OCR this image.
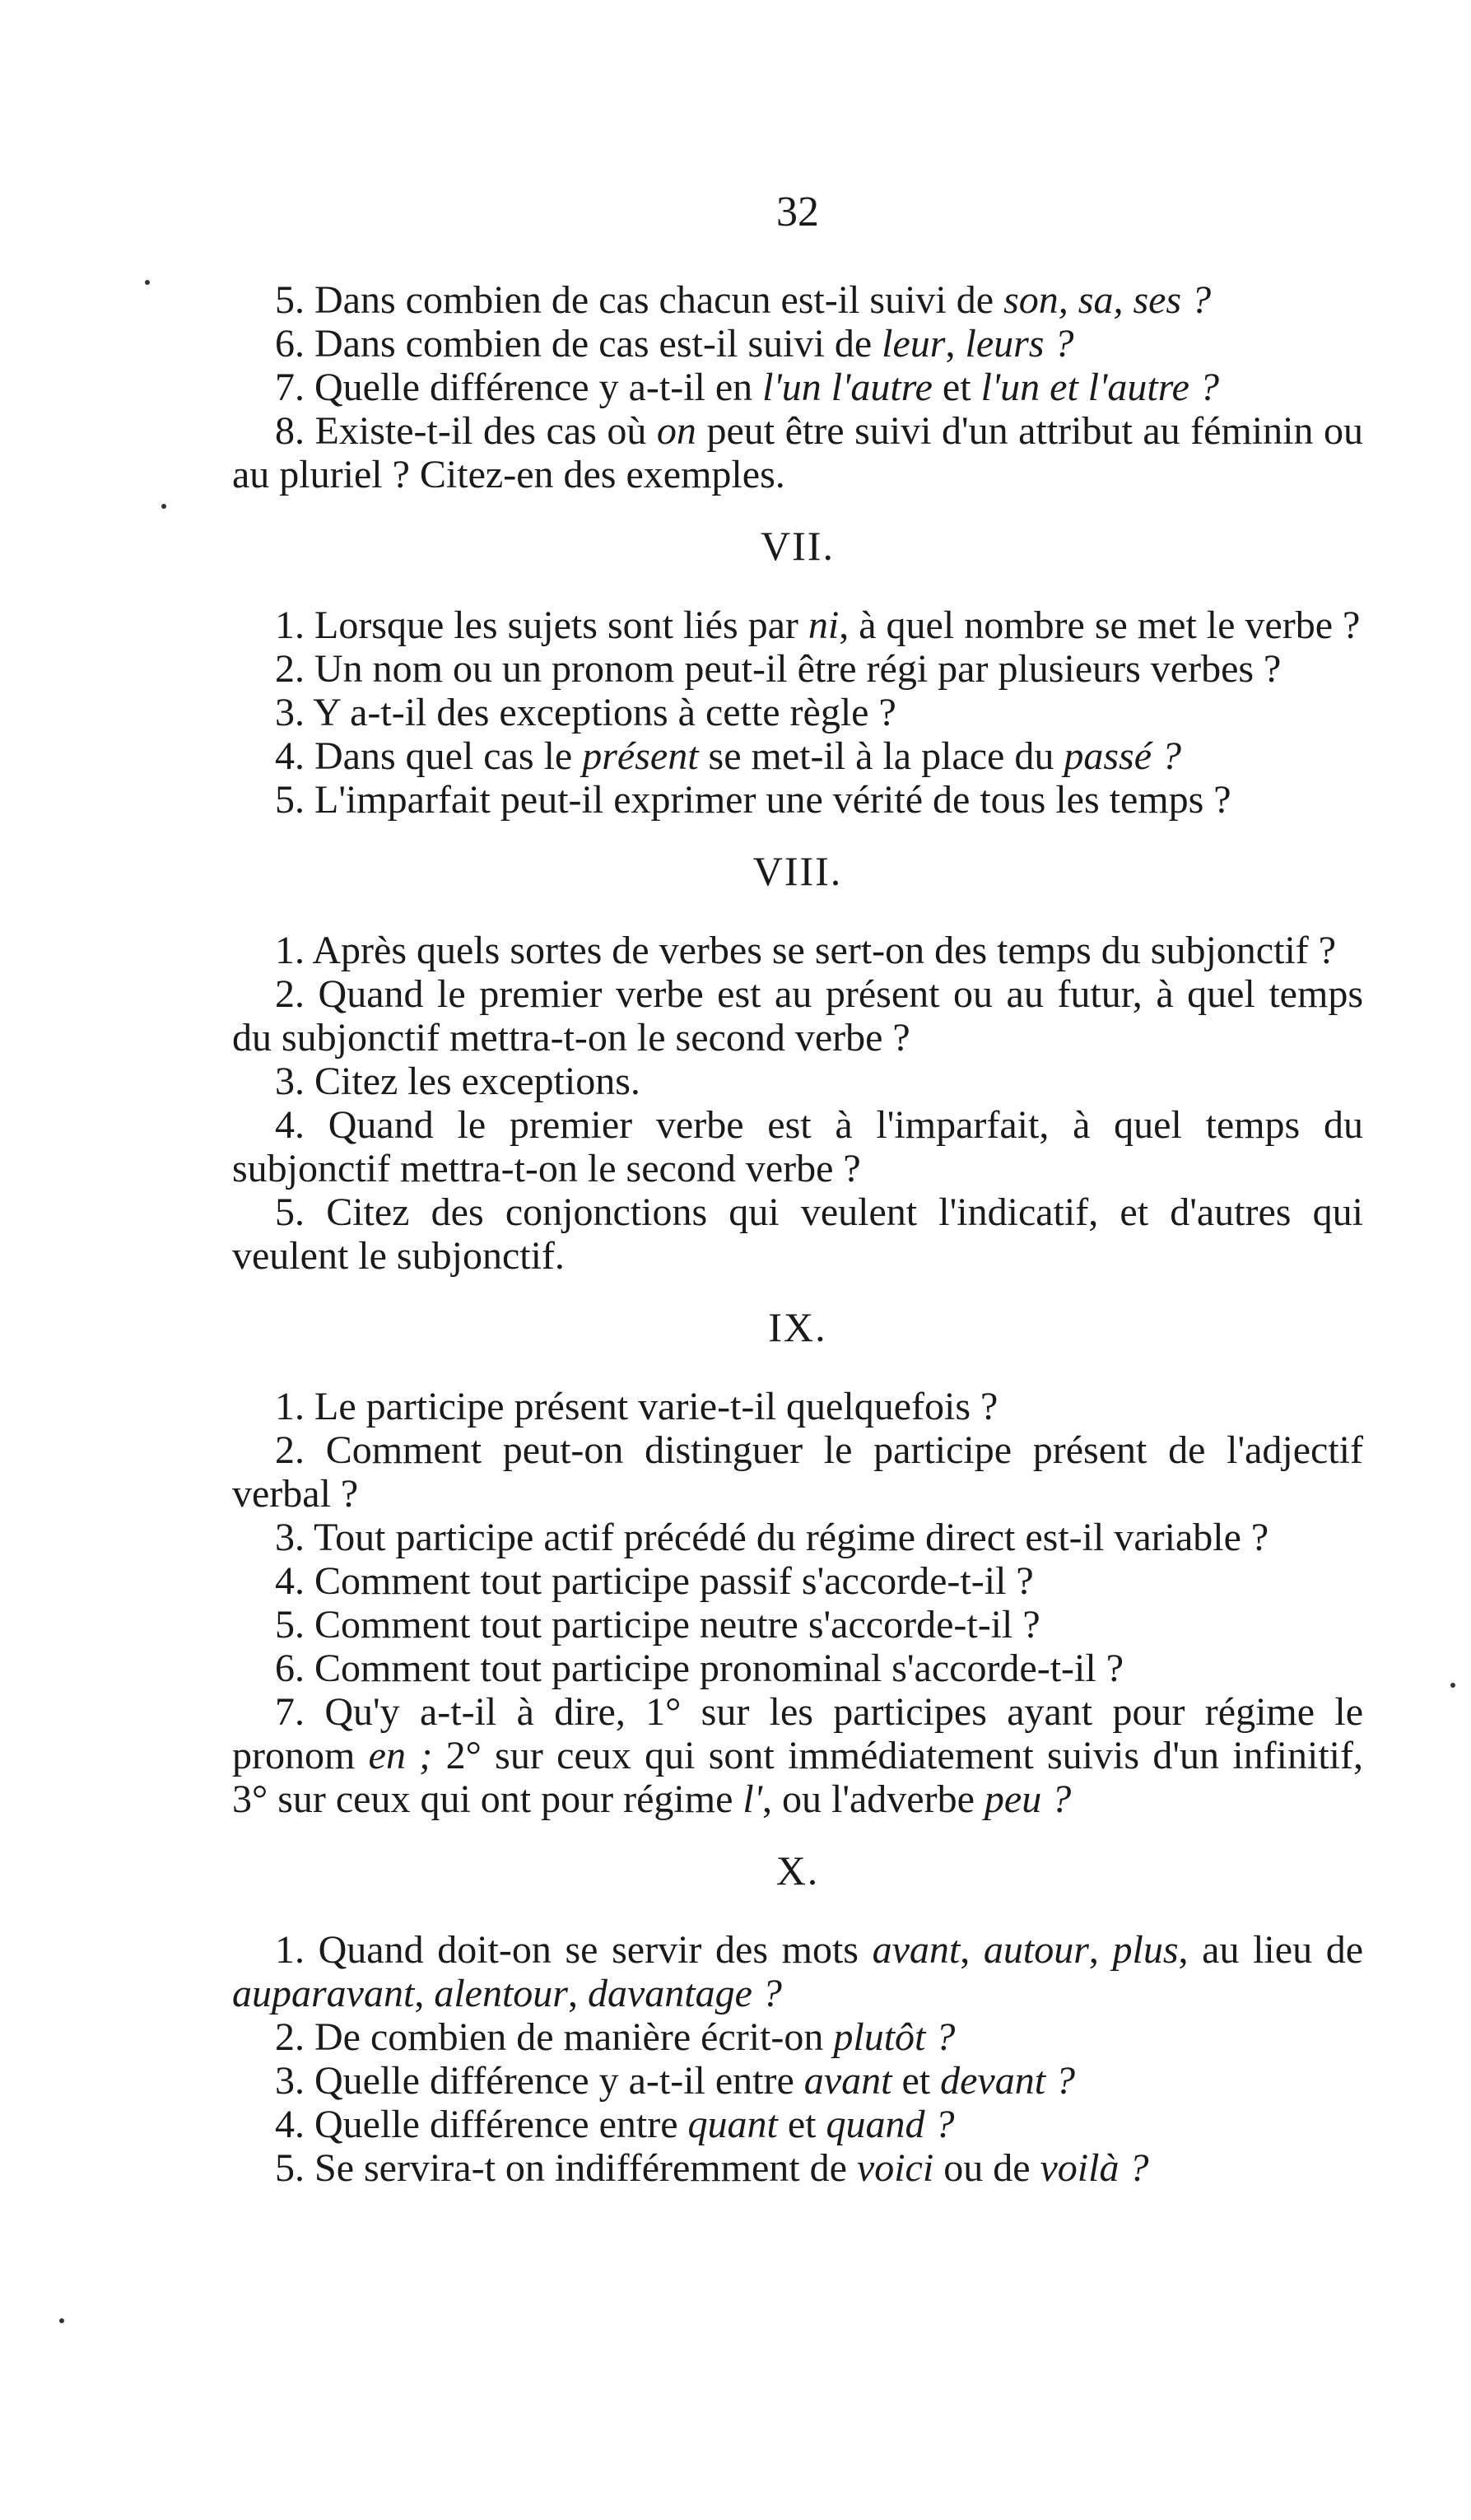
32

5. Dans combien de cas chacun est-il suivi de son, sa, ses ?

6. Dans combien de cas est-il suivi de leur, leurs ?

7. Quelle différence y a-t-il en l'un l'autre et l'un et l'autre ?

8. Existe-t-il des cas où on peut être suivi d'un attribut au féminin ou au pluriel ? Citez-en des exemples.

VII.

1. Lorsque les sujets sont liés par ni, à quel nombre se met le verbe ?

2. Un nom ou un pronom peut-il être régi par plusieurs verbes ?

3. Y a-t-il des exceptions à cette règle ?

4. Dans quel cas le présent se met-il à la place du passé ?

5. L'imparfait peut-il exprimer une vérité de tous les temps ?

VIII.

1. Après quels sortes de verbes se sert-on des temps du subjonctif ?

2. Quand le premier verbe est au présent ou au futur, à quel temps du subjonctif mettra-t-on le second verbe ?

3. Citez les exceptions.

4. Quand le premier verbe est à l'imparfait, à quel temps du subjonctif mettra-t-on le second verbe ?

5. Citez des conjonctions qui veulent l'indicatif, et d'autres qui veulent le subjonctif.

IX.

1. Le participe présent varie-t-il quelquefois ?

2. Comment peut-on distinguer le participe présent de l'adjectif verbal ?

3. Tout participe actif précédé du régime direct est-il variable ?

4. Comment tout participe passif s'accorde-t-il ?

5. Comment tout participe neutre s'accorde-t-il ?

6. Comment tout participe pronominal s'accorde-t-il ?

7. Qu'y a-t-il à dire, 1° sur les participes ayant pour régime le pronom en ; 2° sur ceux qui sont immédiatement suivis d'un infinitif, 3° sur ceux qui ont pour régime l', ou l'adverbe peu ?

X.

1. Quand doit-on se servir des mots avant, autour, plus, au lieu de auparavant, alentour, davantage ?

2. De combien de manière écrit-on plutôt ?

3. Quelle différence y a-t-il entre avant et devant ?

4. Quelle différence entre quant et quand ?

5. Se servira-t on indifféremment de voici ou de voilà ?
